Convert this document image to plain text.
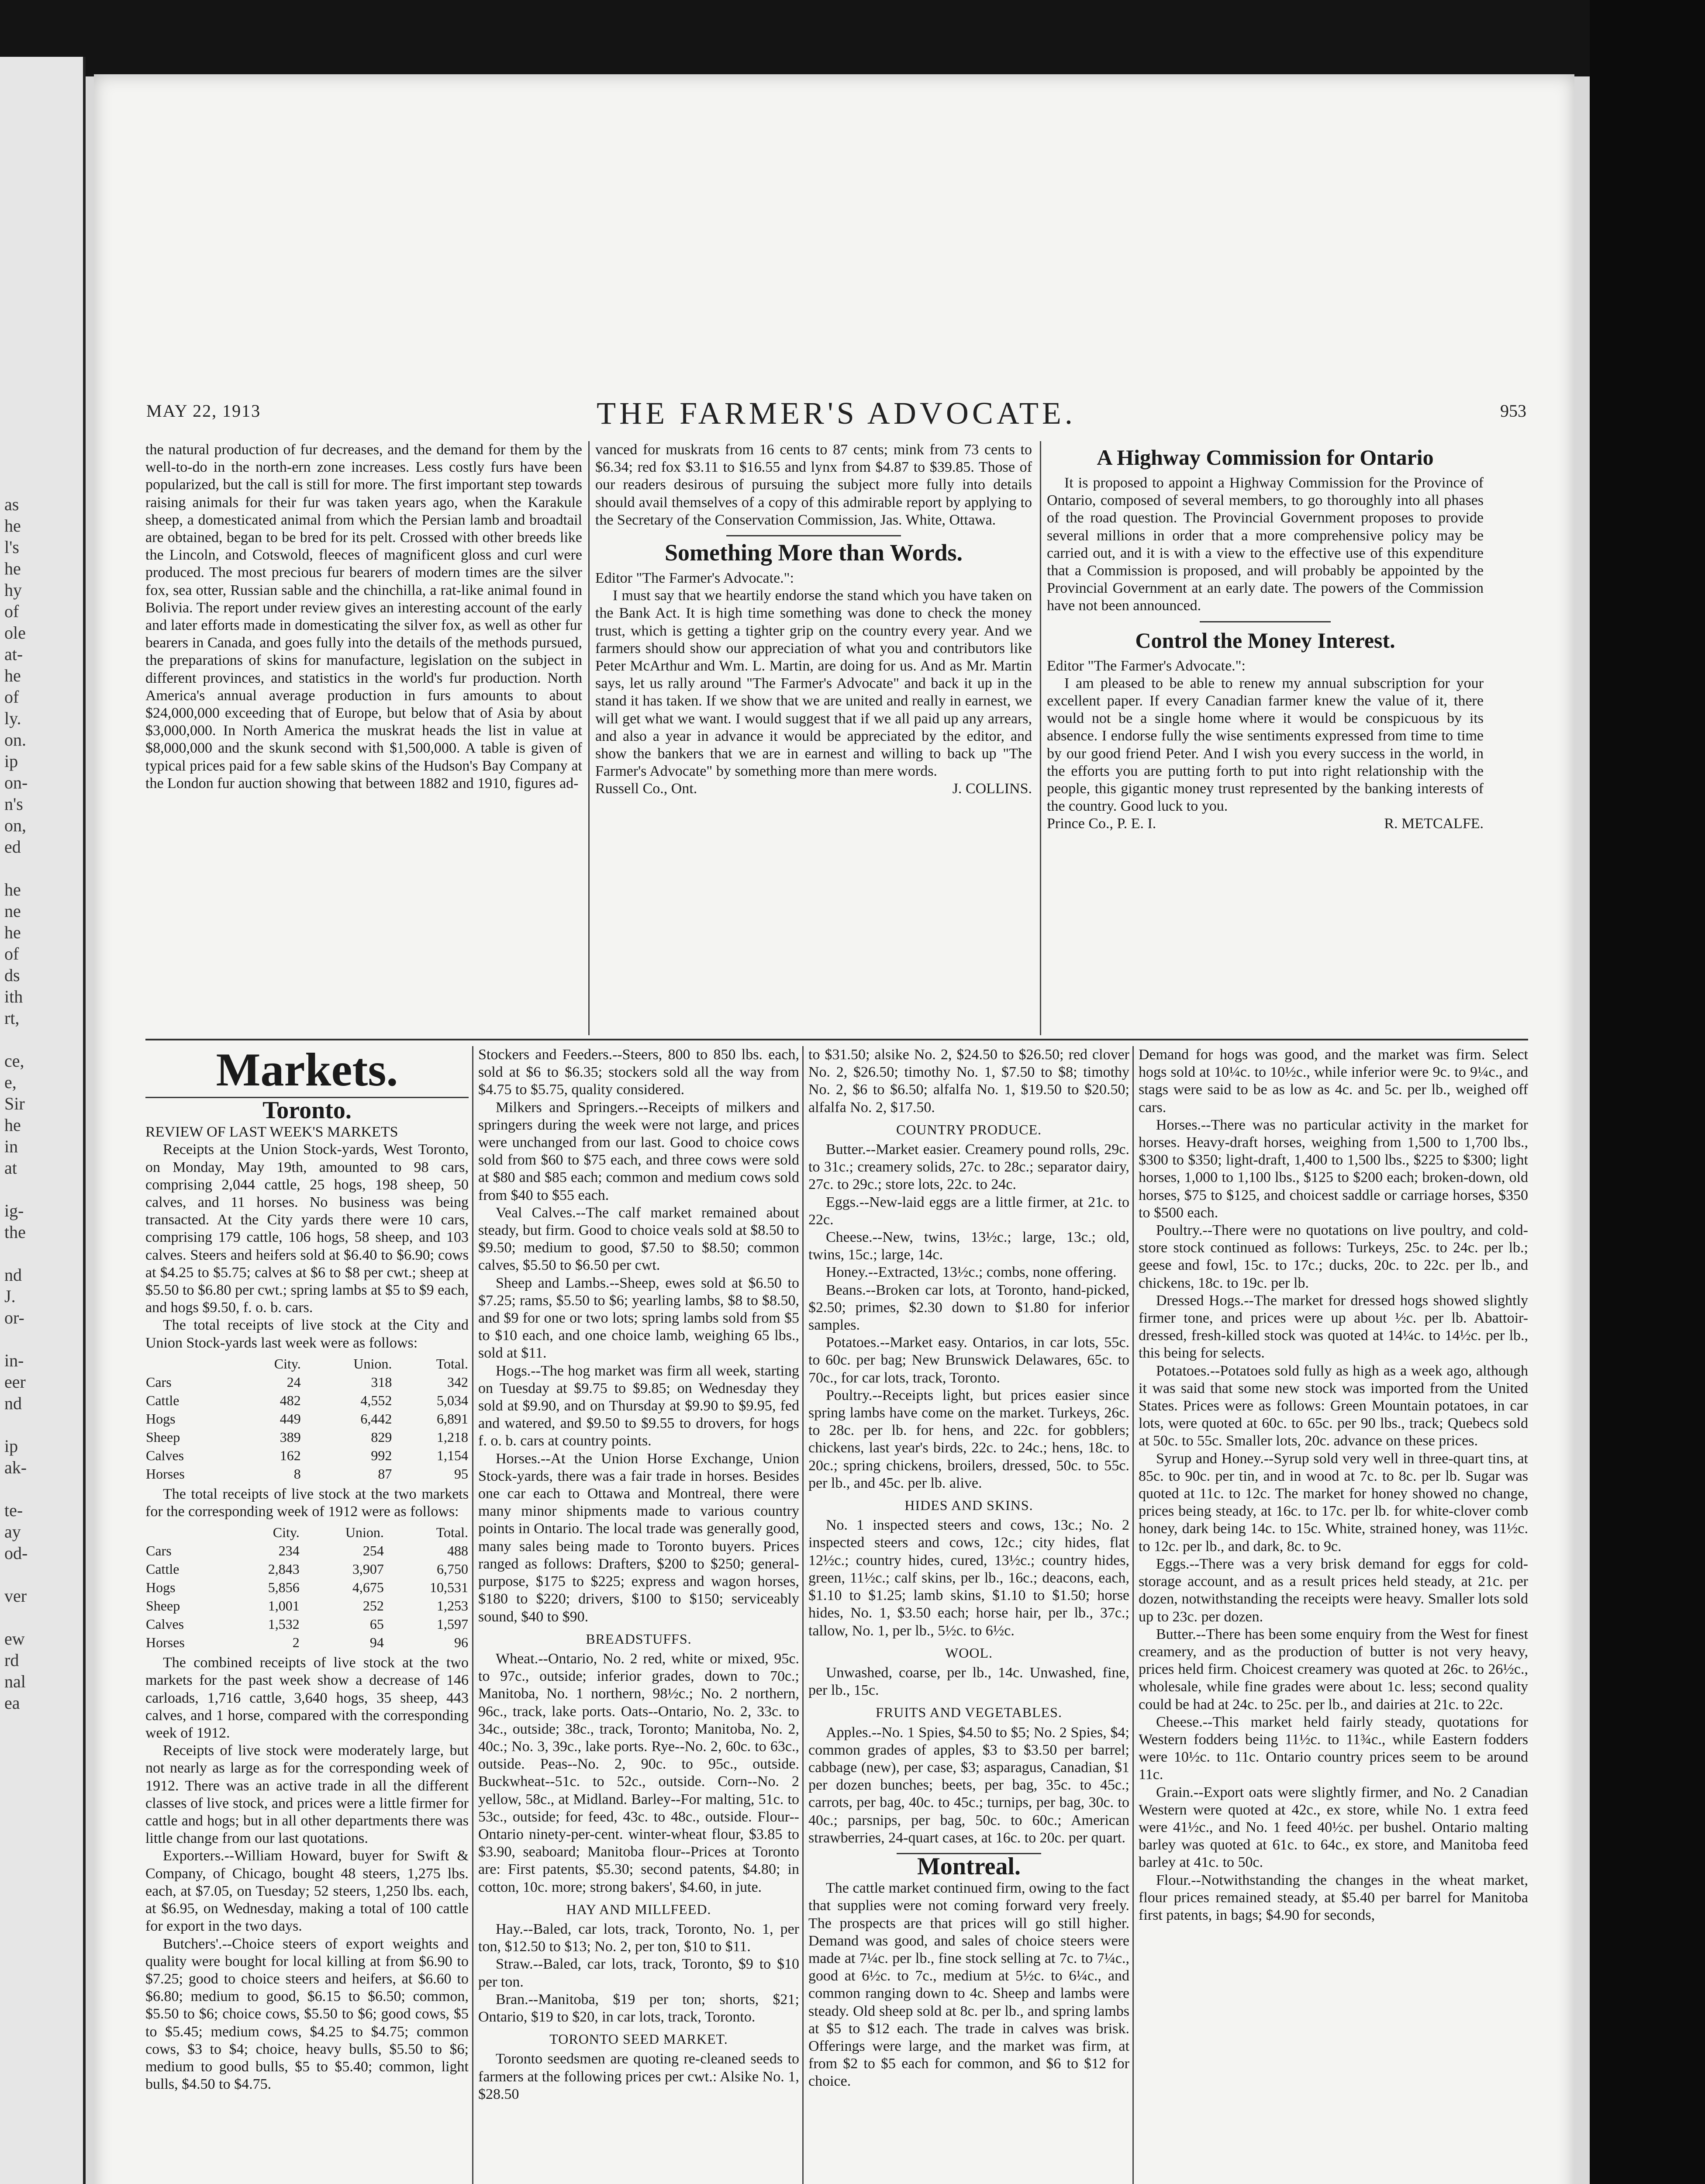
as
he
l's
he
hy
of
ole
at-
he
of
ly.
on.
ip
on-
n's
on,
ed
he
ne
he
of
ds
ith
rt,
ce,
e,
Sir
he
in
at
ig-
the
nd
J.
or-
in-
eer
nd
ip
ak-
te-
ay
od-
ver
ew
rd
nal
ea
MAY 22, 1913	THE FARMER'S ADVOCATE.	953

the natural production of fur decreases, and the demand for them by the well-to-do in the north-ern zone increases. Less costly furs have been popularized, but the call is still for more. The first important step towards raising animals for their fur was taken years ago, when the Karakule sheep, a domesticated animal from which the Persian lamb and broadtail are obtained, began to be bred for its pelt. Crossed with other breeds like the Lincoln, and Cotswold, fleeces of magnificent gloss and curl were produced. The most precious fur bearers of modern times are the silver fox, sea otter, Russian sable and the chinchilla, a rat-like animal found in Bolivia. The report under review gives an interesting account of the early and later efforts made in domesticating the silver fox, as well as other fur bearers in Canada, and goes fully into the details of the methods pursued, the preparations of skins for manufacture, legislation on the subject in different provinces, and statistics in the world's fur production. North America's annual average production in furs amounts to about $24,000,000 exceeding that of Europe, but below that of Asia by about $3,000,000. In North America the muskrat heads the list in value at $8,000,000 and the skunk second with $1,500,000. A table is given of typical prices paid for a few sable skins of the Hudson's Bay Company at the London fur auction showing that between 1882 and 1910, figures ad-

vanced for muskrats from 16 cents to 87 cents; mink from 73 cents to $6.34; red fox $3.11 to $16.55 and lynx from $4.87 to $39.85. Those of our readers desirous of pursuing the subject more fully into details should avail themselves of a copy of this admirable report by applying to the Secretary of the Conservation Commission, Jas. White, Ottawa.

Something More than Words.

Editor "The Farmer's Advocate.":

I must say that we heartily endorse the stand which you have taken on the Bank Act. It is high time something was done to check the money trust, which is getting a tighter grip on the country every year. And we farmers should show our appreciation of what you and contributors like Peter McArthur and Wm. L. Martin, are doing for us. And as Mr. Martin says, let us rally around "The Farmer's Advocate" and back it up in the stand it has taken. If we show that we are united and really in earnest, we will get what we want. I would suggest that if we all paid up any arrears, and also a year in advance it would be appreciated by the editor, and show the bankers that we are in earnest and willing to back up "The Farmer's Advocate" by something more than mere words.

Russell Co., Ont.	J. COLLINS.

A Highway Commission for Ontario

It is proposed to appoint a Highway Commission for the Province of Ontario, composed of several members, to go thoroughly into all phases of the road question. The Provincial Government proposes to provide several millions in order that a more comprehensive policy may be carried out, and it is with a view to the effective use of this expenditure that a Commission is proposed, and will probably be appointed by the Provincial Government at an early date. The powers of the Commission have not been announced.

Control the Money Interest.

Editor "The Farmer's Advocate.":

I am pleased to be able to renew my annual subscription for your excellent paper. If every Canadian farmer knew the value of it, there would not be a single home where it would be conspicuous by its absence. I endorse fully the wise sentiments expressed from time to time by our good friend Peter. And I wish you every success in the world, in the efforts you are putting forth to put into right relationship with the people, this gigantic money trust represented by the banking interests of the country. Good luck to you.

Prince Co., P. E. I.	R. METCALFE.

Markets.
Toronto.

REVIEW OF LAST WEEK'S MARKETS

Receipts at the Union Stock-yards, West Toronto, on Monday, May 19th, amounted to 98 cars, comprising 2,044 cattle, 25 hogs, 198 sheep, 50 calves, and 11 horses. No business was being transacted. At the City yards there were 10 cars, comprising 179 cattle, 106 hogs, 58 sheep, and 103 calves. Steers and heifers sold at $6.40 to $6.90; cows at $4.25 to $5.75; calves at $6 to $8 per cwt.; sheep at $5.50 to $6.80 per cwt.; spring lambs at $5 to $9 each, and hogs $9.50, f. o. b. cars.

The total receipts of live stock at the City and Union Stock-yards last week were as follows:

	City.	Union.	Total.
Cars	24	318	342
Cattle	482	4,552	5,034
Hogs	449	6,442	6,891
Sheep	389	829	1,218
Calves	162	992	1,154
Horses	8	87	95

The total receipts of live stock at the two markets for the corresponding week of 1912 were as follows:

	City.	Union.	Total.
Cars	234	254	488
Cattle	2,843	3,907	6,750
Hogs	5,856	4,675	10,531
Sheep	1,001	252	1,253
Calves	1,532	65	1,597
Horses	2	94	96

The combined receipts of live stock at the two markets for the past week show a decrease of 146 carloads, 1,716 cattle, 3,640 hogs, 35 sheep, 443 calves, and 1 horse, compared with the corresponding week of 1912.

Receipts of live stock were moderately large, but not nearly as large as for the corresponding week of 1912. There was an active trade in all the different classes of live stock, and prices were a little firmer for cattle and hogs; but in all other departments there was little change from our last quotations.

Exporters.--William Howard, buyer for Swift & Company, of Chicago, bought 48 steers, 1,275 lbs. each, at $7.05, on Tuesday; 52 steers, 1,250 lbs. each, at $6.95, on Wednesday, making a total of 100 cattle for export in the two days.

Butchers'.--Choice steers of export weights and quality were bought for local killing at from $6.90 to $7.25; good to choice steers and heifers, at $6.60 to $6.80; medium to good, $6.15 to $6.50; common, $5.50 to $6; choice cows, $5.50 to $6; good cows, $5 to $5.45; medium cows, $4.25 to $4.75; common cows, $3 to $4; choice, heavy bulls, $5.50 to $6; medium to good bulls, $5 to $5.40; common, light bulls, $4.50 to $4.75.

Stockers and Feeders.--Steers, 800 to 850 lbs. each, sold at $6 to $6.35; stockers sold all the way from $4.75 to $5.75, quality considered.

Milkers and Springers.--Receipts of milkers and springers during the week were not large, and prices were unchanged from our last. Good to choice cows sold from $60 to $75 each, and three cows were sold at $80 and $85 each; common and medium cows sold from $40 to $55 each.

Veal Calves.--The calf market remained about steady, but firm. Good to choice veals sold at $8.50 to $9.50; medium to good, $7.50 to $8.50; common calves, $5.50 to $6.50 per cwt.

Sheep and Lambs.--Sheep, ewes sold at $6.50 to $7.25; rams, $5.50 to $6; yearling lambs, $8 to $8.50, and $9 for one or two lots; spring lambs sold from $5 to $10 each, and one choice lamb, weighing 65 lbs., sold at $11.

Hogs.--The hog market was firm all week, starting on Tuesday at $9.75 to $9.85; on Wednesday they sold at $9.90, and on Thursday at $9.90 to $9.95, fed and watered, and $9.50 to $9.55 to drovers, for hogs f. o. b. cars at country points.

Horses.--At the Union Horse Exchange, Union Stock-yards, there was a fair trade in horses. Besides one car each to Ottawa and Montreal, there were many minor shipments made to various country points in Ontario. The local trade was generally good, many sales being made to Toronto buyers. Prices ranged as follows: Drafters, $200 to $250; general-purpose, $175 to $225; express and wagon horses, $180 to $220; drivers, $100 to $150; serviceably sound, $40 to $90.

BREADSTUFFS.

Wheat.--Ontario, No. 2 red, white or mixed, 95c. to 97c., outside; inferior grades, down to 70c.; Manitoba, No. 1 northern, 98½c.; No. 2 northern, 96c., track, lake ports. Oats--Ontario, No. 2, 33c. to 34c., outside; 38c., track, Toronto; Manitoba, No. 2, 40c.; No. 3, 39c., lake ports. Rye--No. 2, 60c. to 63c., outside. Peas--No. 2, 90c. to 95c., outside. Buckwheat--51c. to 52c., outside. Corn--No. 2 yellow, 58c., at Midland. Barley--For malting, 51c. to 53c., outside; for feed, 43c. to 48c., outside. Flour--Ontario ninety-per-cent. winter-wheat flour, $3.85 to $3.90, seaboard; Manitoba flour--Prices at Toronto are: First patents, $5.30; second patents, $4.80; in cotton, 10c. more; strong bakers', $4.60, in jute.

HAY AND MILLFEED.

Hay.--Baled, car lots, track, Toronto, No. 1, per ton, $12.50 to $13; No. 2, per ton, $10 to $11.

Straw.--Baled, car lots, track, Toronto, $9 to $10 per ton.

Bran.--Manitoba, $19 per ton; shorts, $21; Ontario, $19 to $20, in car lots, track, Toronto.

TORONTO SEED MARKET.

Toronto seedsmen are quoting re-cleaned seeds to farmers at the following prices per cwt.: Alsike No. 1, $28.50

to $31.50; alsike No. 2, $24.50 to $26.50; red clover No. 2, $26.50; timothy No. 1, $7.50 to $8; timothy No. 2, $6 to $6.50; alfalfa No. 1, $19.50 to $20.50; alfalfa No. 2, $17.50.

COUNTRY PRODUCE.

Butter.--Market easier. Creamery pound rolls, 29c. to 31c.; creamery solids, 27c. to 28c.; separator dairy, 27c. to 29c.; store lots, 22c. to 24c.

Eggs.--New-laid eggs are a little firmer, at 21c. to 22c.

Cheese.--New, twins, 13½c.; large, 13c.; old, twins, 15c.; large, 14c.

Honey.--Extracted, 13½c.; combs, none offering.

Beans.--Broken car lots, at Toronto, hand-picked, $2.50; primes, $2.30 down to $1.80 for inferior samples.

Potatoes.--Market easy. Ontarios, in car lots, 55c. to 60c. per bag; New Brunswick Delawares, 65c. to 70c., for car lots, track, Toronto.

Poultry.--Receipts light, but prices easier since spring lambs have come on the market. Turkeys, 26c. to 28c. per lb. for hens, and 22c. for gobblers; chickens, last year's birds, 22c. to 24c.; hens, 18c. to 20c.; spring chickens, broilers, dressed, 50c. to 55c. per lb., and 45c. per lb. alive.

HIDES AND SKINS.

No. 1 inspected steers and cows, 13c.; No. 2 inspected steers and cows, 12c.; city hides, flat 12½c.; country hides, cured, 13½c.; country hides, green, 11½c.; calf skins, per lb., 16c.; deacons, each, $1.10 to $1.25; lamb skins, $1.10 to $1.50; horse hides, No. 1, $3.50 each; horse hair, per lb., 37c.; tallow, No. 1, per lb., 5½c. to 6½c.

WOOL.

Unwashed, coarse, per lb., 14c. Unwashed, fine, per lb., 15c.

FRUITS AND VEGETABLES.

Apples.--No. 1 Spies, $4.50 to $5; No. 2 Spies, $4; common grades of apples, $3 to $3.50 per barrel; cabbage (new), per case, $3; asparagus, Canadian, $1 per dozen bunches; beets, per bag, 35c. to 45c.; carrots, per bag, 40c. to 45c.; turnips, per bag, 30c. to 40c.; parsnips, per bag, 50c. to 60c.; American strawberries, 24-quart cases, at 16c. to 20c. per quart.

Montreal.

The cattle market continued firm, owing to the fact that supplies were not coming forward very freely. The prospects are that prices will go still higher. Demand was good, and sales of choice steers were made at 7¼c. per lb., fine stock selling at 7c. to 7¼c., good at 6½c. to 7c., medium at 5½c. to 6¼c., and common ranging down to 4c. Sheep and lambs were steady. Old sheep sold at 8c. per lb., and spring lambs at $5 to $12 each. The trade in calves was brisk. Offerings were large, and the market was firm, at from $2 to $5 each for common, and $6 to $12 for choice.

Demand for hogs was good, and the market was firm. Select hogs sold at 10¼c. to 10½c., while inferior were 9c. to 9¼c., and stags were said to be as low as 4c. and 5c. per lb., weighed off cars.

Horses.--There was no particular activity in the market for horses. Heavy-draft horses, weighing from 1,500 to 1,700 lbs., $300 to $350; light-draft, 1,400 to 1,500 lbs., $225 to $300; light horses, 1,000 to 1,100 lbs., $125 to $200 each; broken-down, old horses, $75 to $125, and choicest saddle or carriage horses, $350 to $500 each.

Poultry.--There were no quotations on live poultry, and cold-store stock continued as follows: Turkeys, 25c. to 24c. per lb.; geese and fowl, 15c. to 17c.; ducks, 20c. to 22c. per lb., and chickens, 18c. to 19c. per lb.

Dressed Hogs.--The market for dressed hogs showed slightly firmer tone, and prices were up about ½c. per lb. Abattoir-dressed, fresh-killed stock was quoted at 14¼c. to 14½c. per lb., this being for selects.

Potatoes.--Potatoes sold fully as high as a week ago, although it was said that some new stock was imported from the United States. Prices were as follows: Green Mountain potatoes, in car lots, were quoted at 60c. to 65c. per 90 lbs., track; Quebecs sold at 50c. to 55c. Smaller lots, 20c. advance on these prices.

Syrup and Honey.--Syrup sold very well in three-quart tins, at 85c. to 90c. per tin, and in wood at 7c. to 8c. per lb. Sugar was quoted at 11c. to 12c. The market for honey showed no change, prices being steady, at 16c. to 17c. per lb. for white-clover comb honey, dark being 14c. to 15c. White, strained honey, was 11½c. to 12c. per lb., and dark, 8c. to 9c.

Eggs.--There was a very brisk demand for eggs for cold-storage account, and as a result prices held steady, at 21c. per dozen, notwithstanding the receipts were heavy. Smaller lots sold up to 23c. per dozen.

Butter.--There has been some enquiry from the West for finest creamery, and as the production of butter is not very heavy, prices held firm. Choicest creamery was quoted at 26c. to 26½c., wholesale, while fine grades were about 1c. less; second quality could be had at 24c. to 25c. per lb., and dairies at 21c. to 22c.

Cheese.--This market held fairly steady, quotations for Western fodders being 11½c. to 11¾c., while Eastern fodders were 10½c. to 11c. Ontario country prices seem to be around 11c.

Grain.--Export oats were slightly firmer, and No. 2 Canadian Western were quoted at 42c., ex store, while No. 1 extra feed were 41½c., and No. 1 feed 40½c. per bushel. Ontario malting barley was quoted at 61c. to 64c., ex store, and Manitoba feed barley at 41c. to 50c.

Flour.--Notwithstanding the changes in the wheat market, flour prices remained steady, at $5.40 per barrel for Manitoba first patents, in bags; $4.90 for seconds,
